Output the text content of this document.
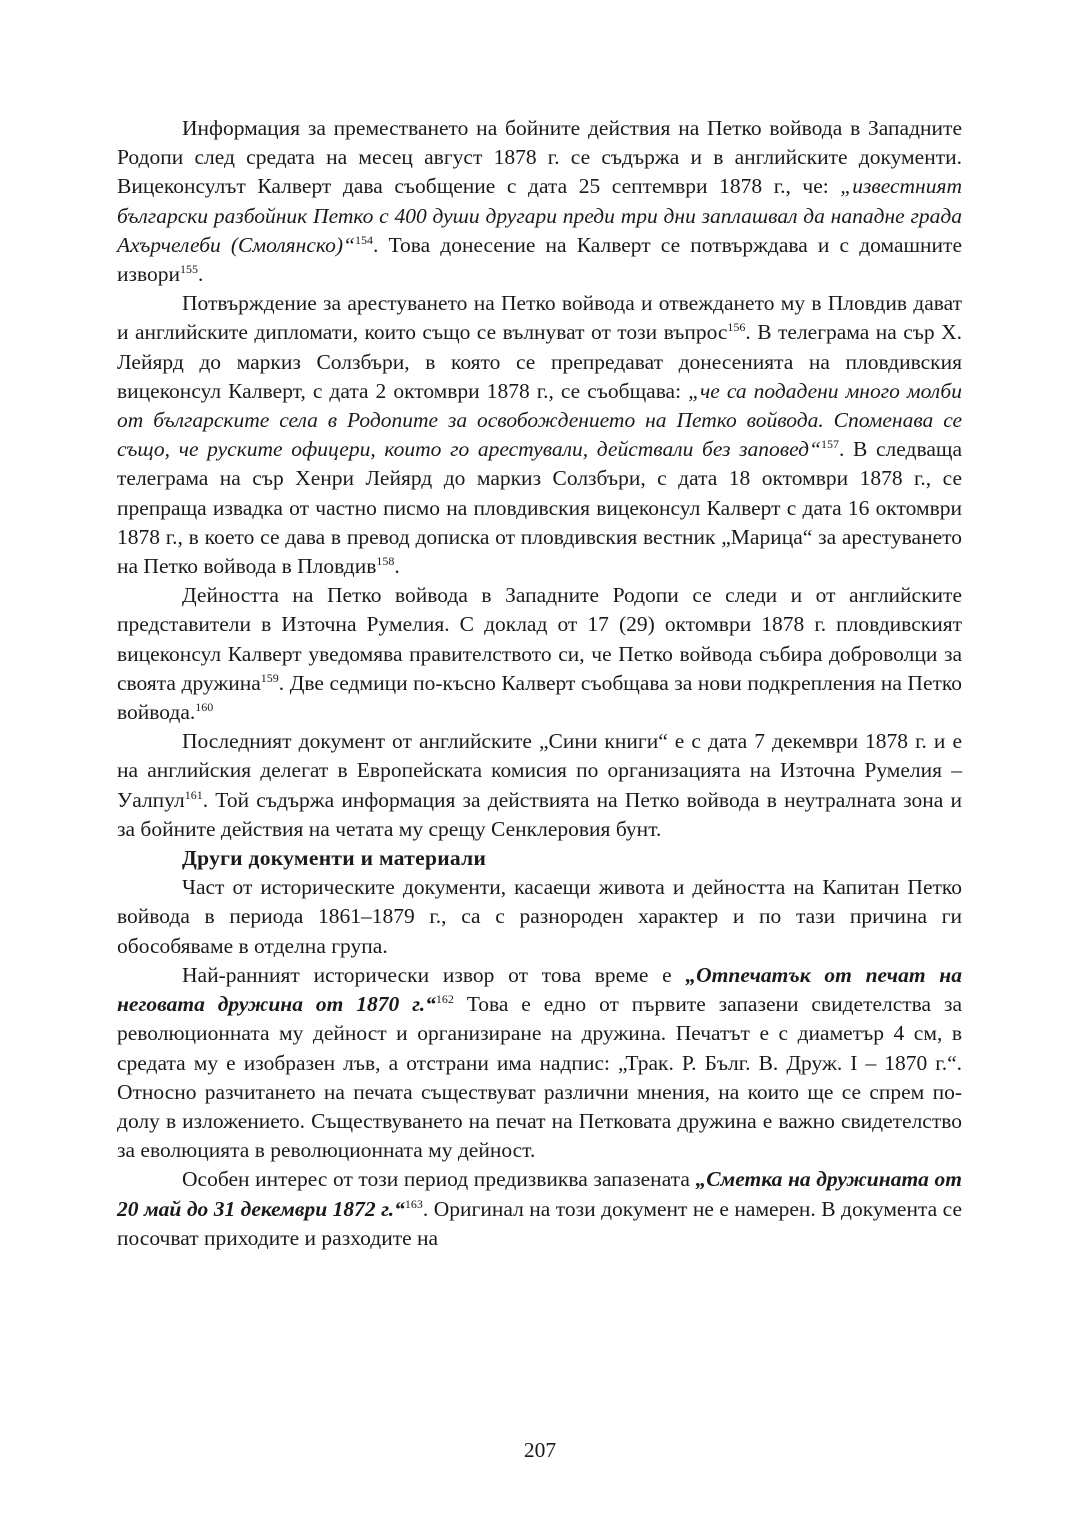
Информация за преместването на бойните действия на Петко войвода в Западните Родопи след средата на месец август 1878 г. се съдържа и в английските документи. Вицеконсулът Калверт дава съобщение с дата 25 септември 1878 г., че: „известният български разбойник Петко с 400 души другари преди три дни заплашвал да нападне града Ахърчелеби (Смолянско)“$^{154}$. Това донесение на Калверт се потвърждава и с домашните извори$^{155}$.

Потвърждение за арестуването на Петко войвода и отвеждането му в Пловдив дават и английските дипломати, които също се вълнуват от този въпрос$^{156}$. В телеграма на сър Х. Лейярд до маркиз Солзбъри, в която се препредават донесенията на пловдивския вицеконсул Калверт, с дата 2 октомври 1878 г., се съобщава: „че са подадени много молби от българските села в Родопите за освобождението на Петко войвода. Споменава се също, че руските офицери, които го арестували, действали без заповед“$^{157}$. В следваща телеграма на сър Хенри Лейярд до маркиз Солзбъри, с дата 18 октомври 1878 г., се препраща извадка от частно писмо на пловдивския вицеконсул Калверт с дата 16 октомври 1878 г., в което се дава в превод дописка от пловдивския вестник „Марица“ за арестуването на Петко войвода в Пловдив$^{158}$.

Дейността на Петко войвода в Западните Родопи се следи и от английските представители в Източна Румелия. С доклад от 17 (29) октомври 1878 г. пловдивският вицеконсул Калверт уведомява правителството си, че Петко войвода събира доброволци за своята дружина$^{159}$. Две седмици по-късно Калверт съобщава за нови подкрепления на Петко войвода.$^{160}$

Последният документ от английските „Сини книги“ е с дата 7 декември 1878 г. и е на английския делегат в Европейската комисия по организацията на Източна Румелия – Уалпул$^{161}$. Той съдържа информация за действията на Петко войвода в неутралната зона и за бойните действия на четата му срещу Сенклеровия бунт.

Други документи и материали

Част от историческите документи, касаещи живота и дейността на Капитан Петко войвода в периода 1861–1879 г., са с разнороден характер и по тази причина ги обособяваме в отделна група.

Най-ранният исторически извор от това време е „Отпечатък от печат на неговата дружина от 1870 г.“$^{162}$ Това е едно от първите запазени свидетелства за революционната му дейност и организиране на дружина. Печатът е с диаметър 4 см, в средата му е изобразен лъв, а отстрани има надпис: „Трак. Р. Бълг. В. Друж. I – 1870 г.“. Относно разчитането на печата съществуват различни мнения, на които ще се спрем по-долу в изложението. Съществуването на печат на Петковата дружина е важно свидетелство за еволюцията в революционната му дейност.

Особен интерес от този период предизвиква запазената „Сметка на дружината от 20 май до 31 декември 1872 г.“$^{163}$. Оригинал на този документ не е намерен. В документа се посочват приходите и разходите на

207
